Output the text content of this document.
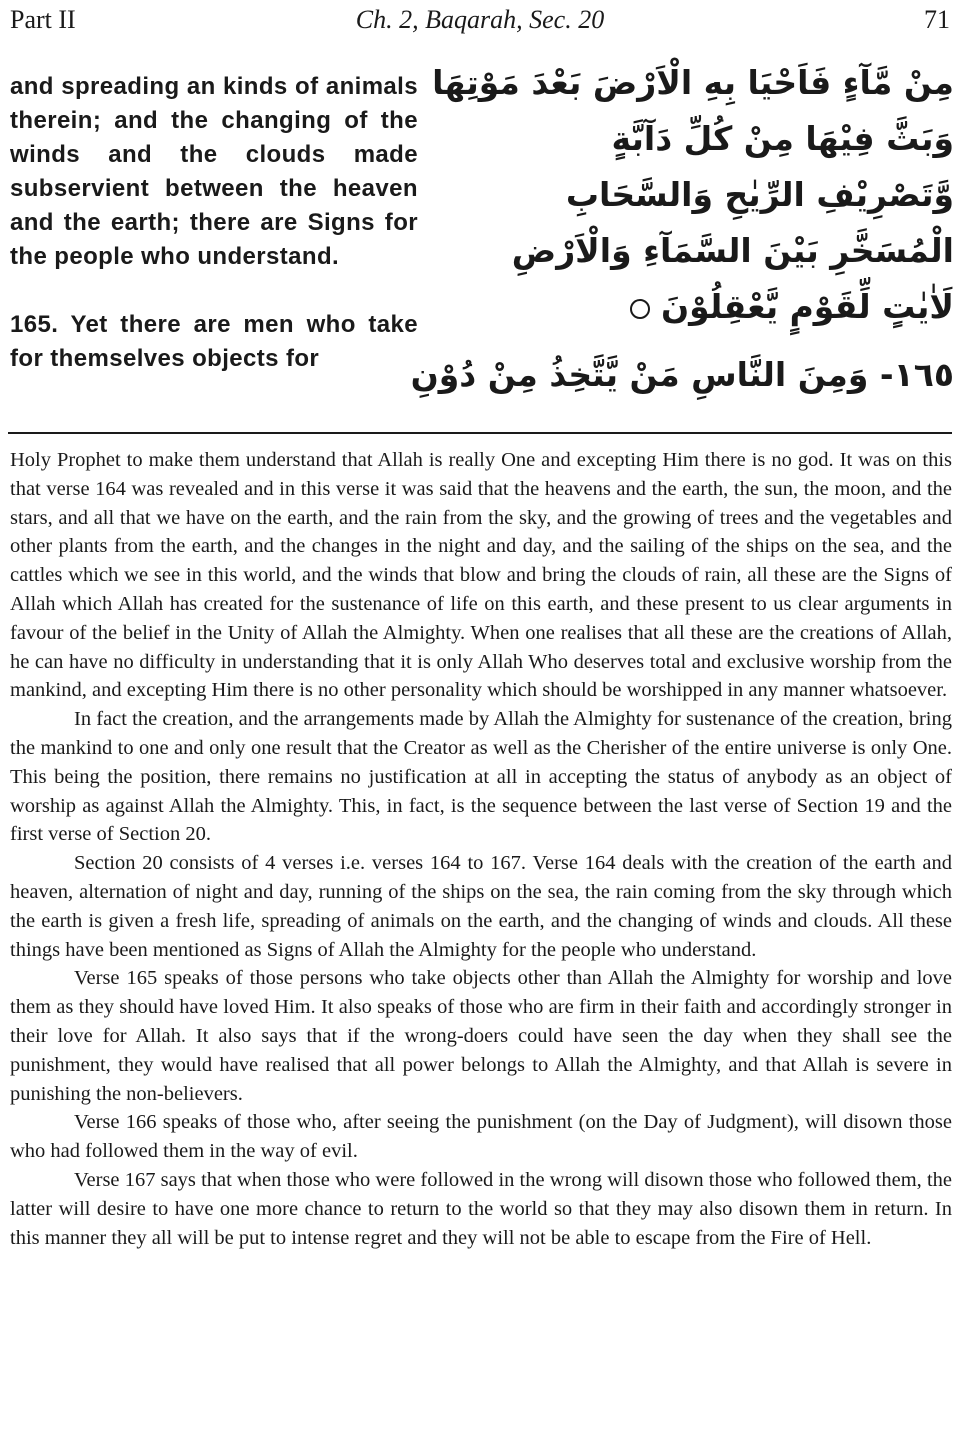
Part II	Ch. 2, Baqarah, Sec. 20	71

and spreading an kinds of animals therein; and the changing of the winds and the clouds made subservient between the heaven and the earth; there are Signs for the people who understand.

165. Yet there are men who take for themselves objects for

مِنْ مَّآءٍ فَاَحْيَا بِهِ الْاَرْضَ بَعْدَ مَوْتِهَا
وَبَثَّ فِيْهَا مِنْ كُلِّ دَآبَّةٍ
وَّتَصْرِيْفِ الرِّيٰحِ وَالسَّحَابِ
الْمُسَخَّرِ بَيْنَ السَّمَآءِ وَالْاَرْضِ
لَاٰيٰتٍ لِّقَوْمٍ يَّعْقِلُوْنَ
١٦٥- وَمِنَ النَّاسِ مَنْ يَّتَّخِذُ مِنْ دُوْنِ

Holy Prophet to make them understand that Allah is really One and excepting Him there is no god. It was on this that verse 164 was revealed and in this verse it was said that the heavens and the earth, the sun, the moon, and the stars, and all that we have on the earth, and the rain from the sky, and the growing of trees and the vegetables and other plants from the earth, and the changes in the night and day, and the sailing of the ships on the sea, and the cattles which we see in this world, and the winds that blow and bring the clouds of rain, all these are the Signs of Allah which Allah has created for the sustenance of life on this earth, and these present to us clear arguments in favour of the belief in the Unity of Allah the Almighty. When one realises that all these are the creations of Allah, he can have no difficulty in understanding that it is only Allah Who deserves total and exclusive worship from the mankind, and excepting Him there is no other personality which should be worshipped in any manner whatsoever.

In fact the creation, and the arrangements made by Allah the Almighty for sustenance of the creation, bring the mankind to one and only one result that the Creator as well as the Cherisher of the entire universe is only One. This being the position, there remains no justification at all in accepting the status of anybody as an object of worship as against Allah the Almighty. This, in fact, is the sequence between the last verse of Section 19 and the first verse of Section 20.

Section 20 consists of 4 verses i.e. verses 164 to 167. Verse 164 deals with the creation of the earth and heaven, alternation of night and day, running of the ships on the sea, the rain coming from the sky through which the earth is given a fresh life, spreading of animals on the earth, and the changing of winds and clouds. All these things have been mentioned as Signs of Allah the Almighty for the people who understand.

Verse 165 speaks of those persons who take objects other than Allah the Almighty for worship and love them as they should have loved Him. It also speaks of those who are firm in their faith and accordingly stronger in their love for Allah. It also says that if the wrong-doers could have seen the day when they shall see the punishment, they would have realised that all power belongs to Allah the Almighty, and that Allah is severe in punishing the non-believers.

Verse 166 speaks of those who, after seeing the punishment (on the Day of Judgment), will disown those who had followed them in the way of evil.

Verse 167 says that when those who were followed in the wrong will disown those who followed them, the latter will desire to have one more chance to return to the world so that they may also disown them in return. In this manner they all will be put to intense regret and they will not be able to escape from the Fire of Hell.
